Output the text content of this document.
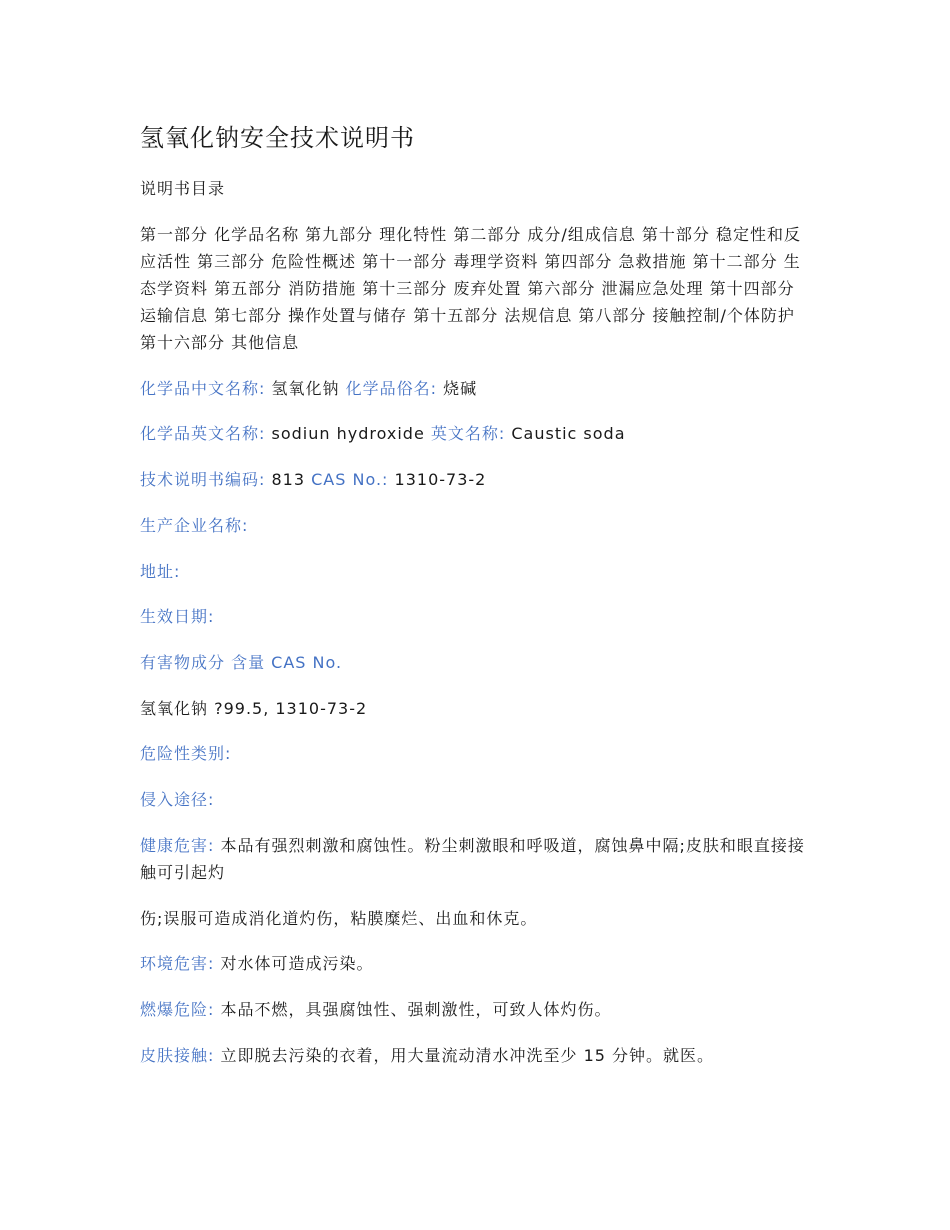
氢氧化钠安全技术说明书
说明书目录
第一部分 化学品名称 第九部分 理化特性 第二部分 成分/组成信息 第十部分 稳定性和反应活性 第三部分 危险性概述 第十一部分 毒理学资料 第四部分 急救措施 第十二部分 生态学资料 第五部分 消防措施 第十三部分 废弃处置 第六部分 泄漏应急处理 第十四部分 运输信息 第七部分 操作处置与储存 第十五部分 法规信息 第八部分 接触控制/个体防护 第十六部分 其他信息
化学品中文名称: 氢氧化钠 化学品俗名: 烧碱
化学品英文名称: sodiun hydroxide 英文名称: Caustic soda
技术说明书编码: 813 CAS No.: 1310-73-2
生产企业名称:
地址:
生效日期:
有害物成分 含量 CAS No.
氢氧化钠 ?99.5, 1310-73-2
危险性类别:
侵入途径:
健康危害: 本品有强烈刺激和腐蚀性。粉尘刺激眼和呼吸道，腐蚀鼻中隔;皮肤和眼直接接触可引起灼
伤;误服可造成消化道灼伤，粘膜糜烂、出血和休克。
环境危害: 对水体可造成污染。
燃爆危险: 本品不燃，具强腐蚀性、强刺激性，可致人体灼伤。
皮肤接触: 立即脱去污染的衣着，用大量流动清水冲洗至少 15 分钟。就医。
